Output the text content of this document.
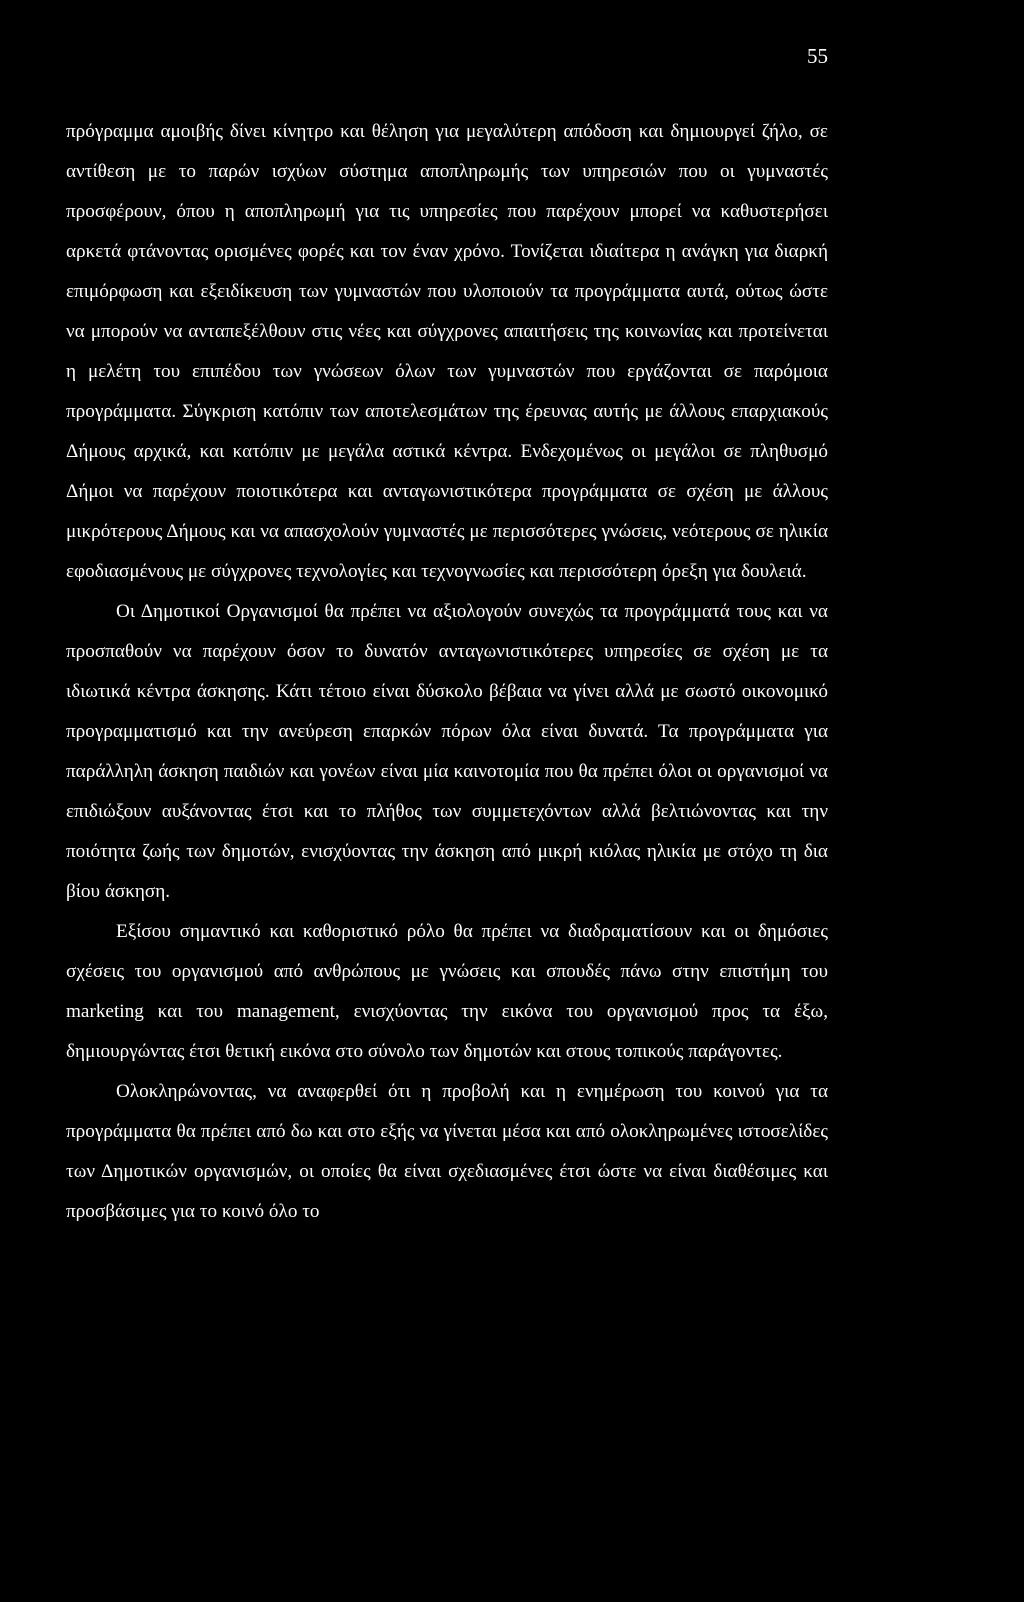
55

πρόγραμμα αμοιβής δίνει κίνητρο και θέληση για μεγαλύτερη απόδοση και δημιουργεί ζήλο, σε αντίθεση με το παρών ισχύων σύστημα αποπληρωμής των υπηρεσιών που οι γυμναστές προσφέρουν, όπου η αποπληρωμή για τις υπηρεσίες που παρέχουν μπορεί να καθυστερήσει αρκετά φτάνοντας ορισμένες φορές και τον έναν χρόνο. Τονίζεται ιδιαίτερα η ανάγκη για διαρκή επιμόρφωση και εξειδίκευση των γυμναστών που υλοποιούν τα προγράμματα αυτά, ούτως ώστε να μπορούν να ανταπεξέλθουν στις νέες και σύγχρονες απαιτήσεις της κοινωνίας και προτείνεται η μελέτη του επιπέδου των γνώσεων όλων των γυμναστών που εργάζονται σε παρόμοια προγράμματα. Σύγκριση κατόπιν των αποτελεσμάτων της έρευνας αυτής με άλλους επαρχιακούς Δήμους αρχικά, και κατόπιν με μεγάλα αστικά κέντρα. Ενδεχομένως οι μεγάλοι σε πληθυσμό Δήμοι να παρέχουν ποιοτικότερα και ανταγωνιστικότερα προγράμματα σε σχέση με άλλους μικρότερους Δήμους και να απασχολούν γυμναστές με περισσότερες γνώσεις, νεότερους σε ηλικία εφοδιασμένους με σύγχρονες τεχνολογίες και τεχνογνωσίες και περισσότερη όρεξη για δουλειά.

Οι Δημοτικοί Οργανισμοί θα πρέπει να αξιολογούν συνεχώς τα προγράμματά τους και να προσπαθούν να παρέχουν όσον το δυνατόν ανταγωνιστικότερες υπηρεσίες σε σχέση με τα ιδιωτικά κέντρα άσκησης. Κάτι τέτοιο είναι δύσκολο βέβαια να γίνει αλλά με σωστό οικονομικό προγραμματισμό και την ανεύρεση επαρκών πόρων όλα είναι δυνατά. Τα προγράμματα για παράλληλη άσκηση παιδιών και γονέων είναι μία καινοτομία που θα πρέπει όλοι οι οργανισμοί να επιδιώξουν αυξάνοντας έτσι και το πλήθος των συμμετεχόντων αλλά βελτιώνοντας και την ποιότητα ζωής των δημοτών, ενισχύοντας την άσκηση από μικρή κιόλας ηλικία με στόχο τη δια βίου άσκηση.

Εξίσου σημαντικό και καθοριστικό ρόλο θα πρέπει να διαδραματίσουν και οι δημόσιες σχέσεις του οργανισμού από ανθρώπους με γνώσεις και σπουδές πάνω στην επιστήμη του marketing και του management, ενισχύοντας την εικόνα του οργανισμού προς τα έξω, δημιουργώντας έτσι θετική εικόνα στο σύνολο των δημοτών και στους τοπικούς παράγοντες.

Ολοκληρώνοντας, να αναφερθεί ότι η προβολή και η ενημέρωση του κοινού για τα προγράμματα θα πρέπει από δω και στο εξής να γίνεται μέσα και από ολοκληρωμένες ιστοσελίδες των Δημοτικών οργανισμών, οι οποίες θα είναι σχεδιασμένες έτσι ώστε να είναι διαθέσιμες και προσβάσιμες για το κοινό όλο το
